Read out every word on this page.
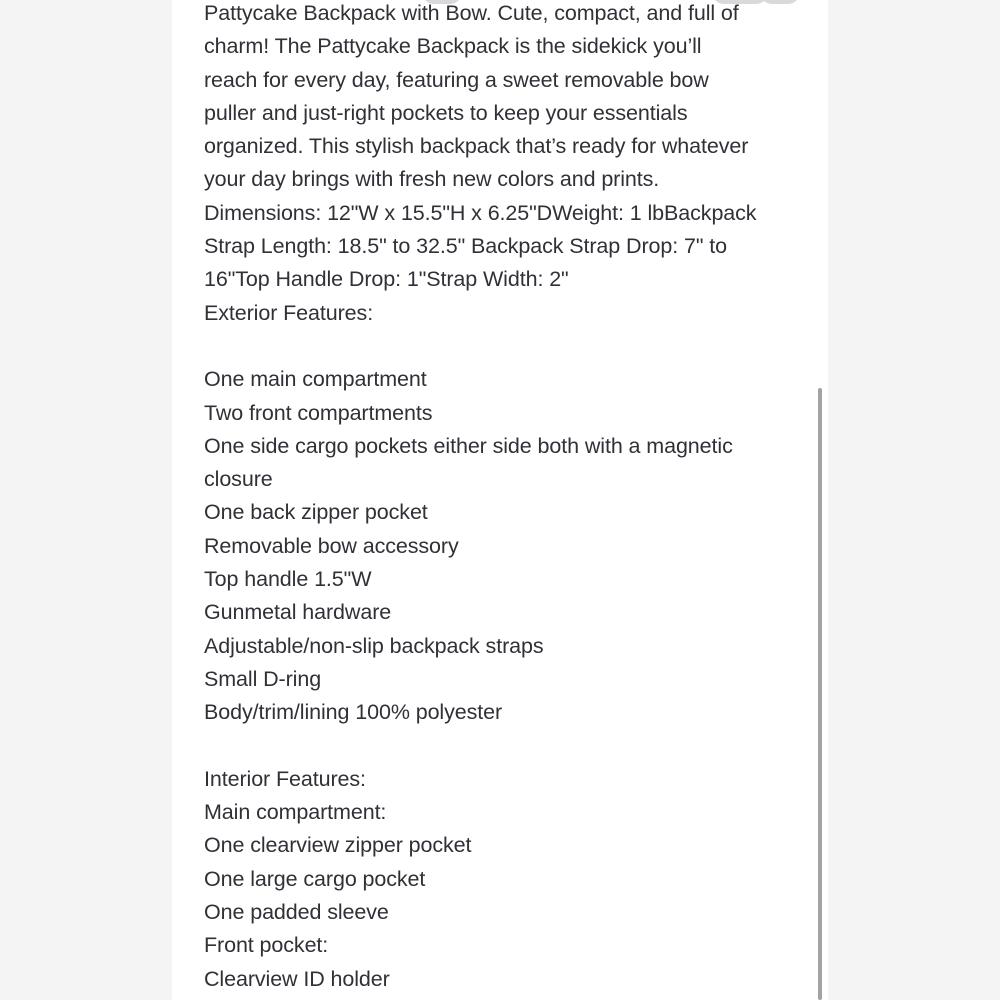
Pattycake Backpack with Bow. Cute, compact, and full of
charm! The Pattycake Backpack is the sidekick you’ll
reach for every day, featuring a sweet removable bow
puller and just-right pockets to keep your essentials
organized. This stylish backpack that’s ready for whatever
your day brings with fresh new colors and prints.
Dimensions: 12"W x 15.5"H x 6.25"DWeight: 1 lbBackpack
Strap Length: 18.5" to 32.5" Backpack Strap Drop: 7" to
16"Top Handle Drop: 1"Strap Width: 2"
Exterior Features:
One main compartment
Two front compartments
One side cargo pockets either side both with a magnetic
closure
One back zipper pocket
Removable bow accessory
Top handle 1.5"W
Gunmetal hardware
Adjustable/non-slip backpack straps
Small D-ring
Body/trim/lining 100% polyester
Interior Features:
Main compartment:
One clearview zipper pocket
One large cargo pocket
One padded sleeve
Front pocket:
Clearview ID holder
